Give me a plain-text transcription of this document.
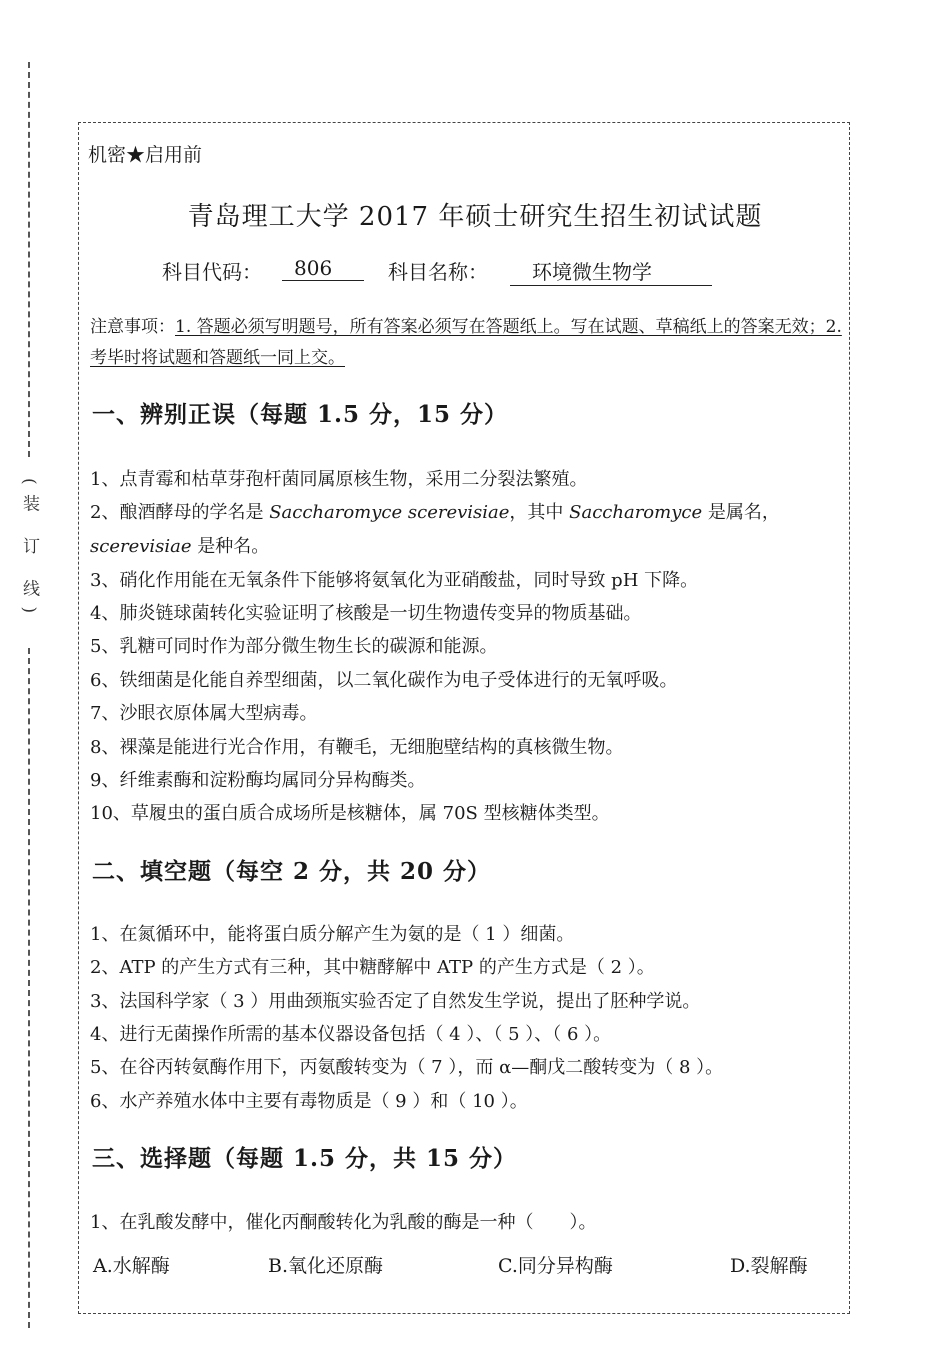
(装 订 线)
机密★启用前
青岛理工大学 2017 年硕士研究生招生初试试题
科目代码：	806	科目名称：	环境微生物学
注意事项：1. 答题必须写明题号，所有答案必须写在答题纸上。写在试题、草稿纸上的答案无效；2. 考毕时将试题和答题纸一同上交。
一、辨别正误（每题 1.5 分，15 分）
1、点青霉和枯草芽孢杆菌同属原核生物，采用二分裂法繁殖。
2、酿酒酵母的学名是 Saccharomyce scerevisiae，其中 Saccharomyce 是属名，
scerevisiae 是种名。
3、硝化作用能在无氧条件下能够将氨氧化为亚硝酸盐，同时导致 pH 下降。
4、肺炎链球菌转化实验证明了核酸是一切生物遗传变异的物质基础。
5、乳糖可同时作为部分微生物生长的碳源和能源。
6、铁细菌是化能自养型细菌，以二氧化碳作为电子受体进行的无氧呼吸。
7、沙眼衣原体属大型病毒。
8、裸藻是能进行光合作用，有鞭毛，无细胞壁结构的真核微生物。
9、纤维素酶和淀粉酶均属同分异构酶类。
10、草履虫的蛋白质合成场所是核糖体，属 70S 型核糖体类型。
二、填空题（每空 2 分，共 20 分）
1、在氮循环中，能将蛋白质分解产生为氨的是（ 1 ）细菌。
2、ATP 的产生方式有三种，其中糖酵解中 ATP 的产生方式是（ 2 ）。
3、法国科学家（ 3 ）用曲颈瓶实验否定了自然发生学说，提出了胚种学说。
4、进行无菌操作所需的基本仪器设备包括（ 4 ）、（ 5 ）、（ 6 ）。
5、在谷丙转氨酶作用下，丙氨酸转变为（ 7 ），而 α—酮戊二酸转变为（ 8 ）。
6、水产养殖水体中主要有毒物质是（ 9 ）和（ 10 ）。
三、选择题（每题 1.5 分，共 15 分）
1、在乳酸发酵中，催化丙酮酸转化为乳酸的酶是一种（　　）。
A.水解酶	B.氧化还原酶	C.同分异构酶	D.裂解酶
